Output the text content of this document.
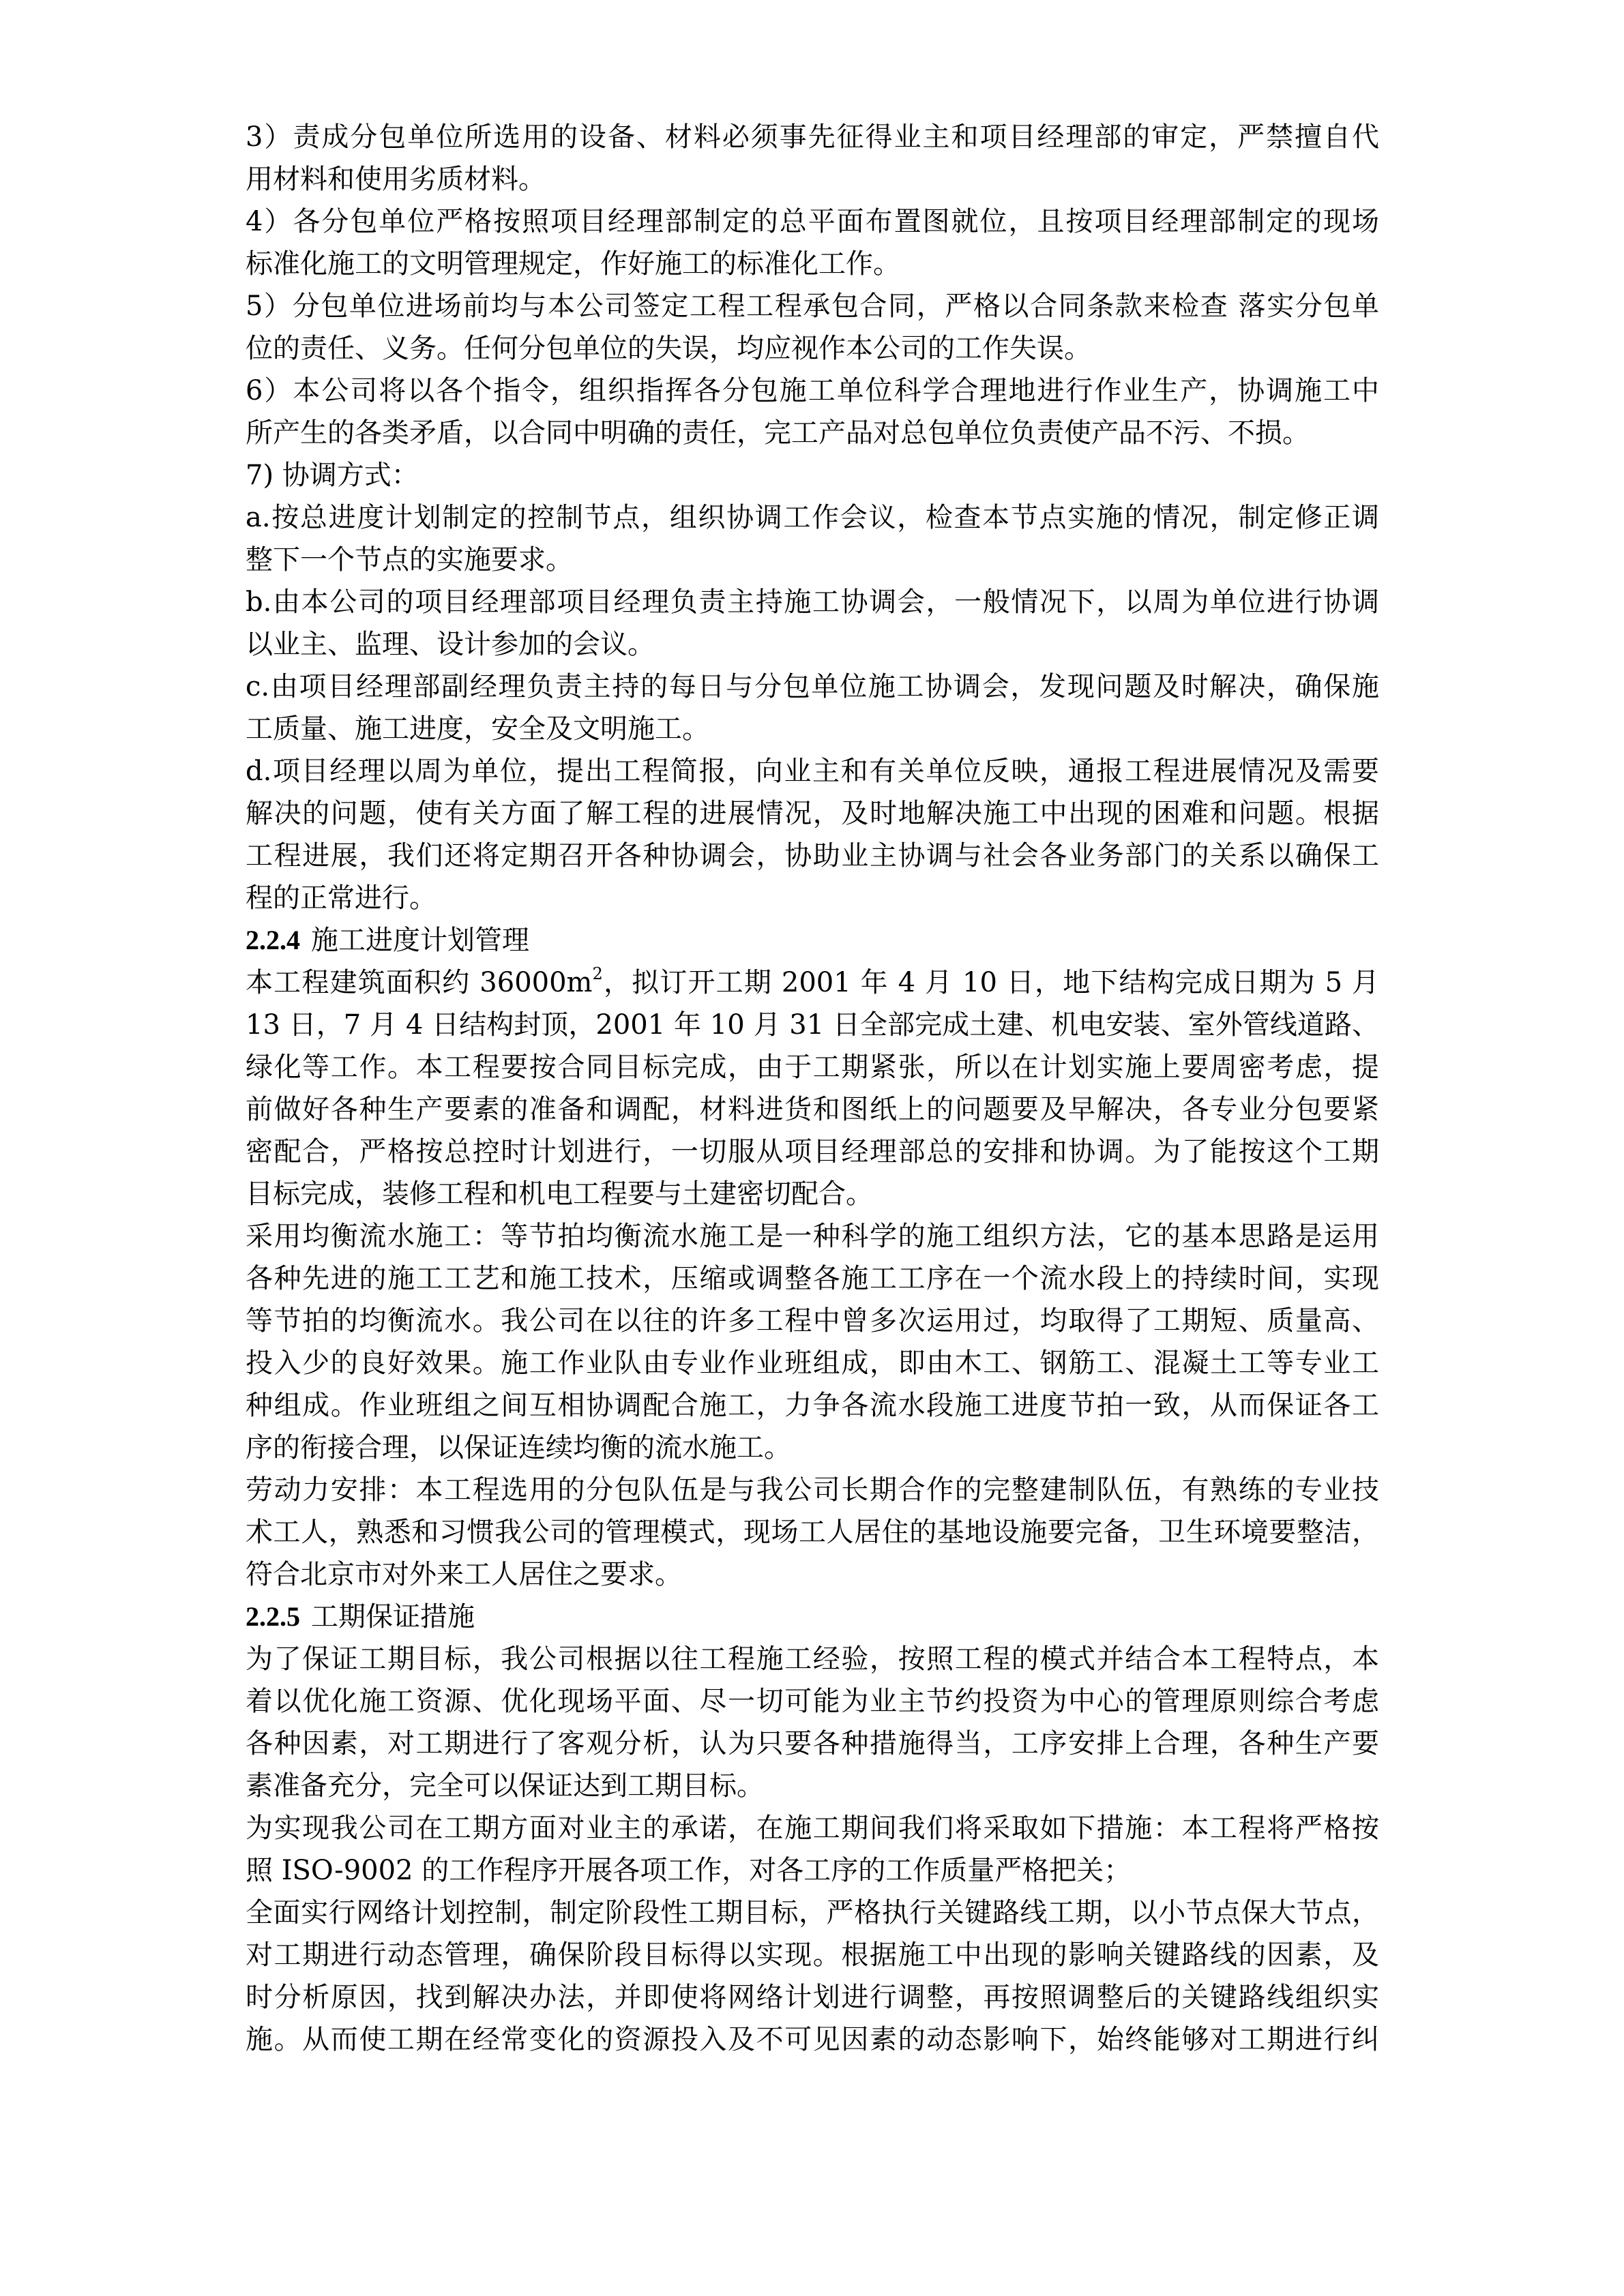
3）责成分包单位所选用的设备、材料必须事先征得业主和项目经理部的审定，严禁擅自代
用材料和使用劣质材料。
4）各分包单位严格按照项目经理部制定的总平面布置图就位，且按项目经理部制定的现场
标准化施工的文明管理规定，作好施工的标准化工作。
5）分包单位进场前均与本公司签定工程工程承包合同，严格以合同条款来检查 落实分包单
位的责任、义务。任何分包单位的失误，均应视作本公司的工作失误。
6）本公司将以各个指令，组织指挥各分包施工单位科学合理地进行作业生产，协调施工中
所产生的各类矛盾，以合同中明确的责任，完工产品对总包单位负责使产品不污、不损。
7) 协调方式：
a.按总进度计划制定的控制节点，组织协调工作会议，检查本节点实施的情况，制定修正调
整下一个节点的实施要求。
b.由本公司的项目经理部项目经理负责主持施工协调会，一般情况下，以周为单位进行协调
以业主、监理、设计参加的会议。
c.由项目经理部副经理负责主持的每日与分包单位施工协调会，发现问题及时解决，确保施
工质量、施工进度，安全及文明施工。
d.项目经理以周为单位，提出工程简报，向业主和有关单位反映，通报工程进展情况及需要
解决的问题，使有关方面了解工程的进展情况，及时地解决施工中出现的困难和问题。根据
工程进展，我们还将定期召开各种协调会，协助业主协调与社会各业务部门的关系以确保工
程的正常进行。
2.2.4 施工进度计划管理
本工程建筑面积约 $36000m^2$，拟订开工期 2001 年 4 月 10 日，地下结构完成日期为 5 月
13 日，7 月 4 日结构封顶，2001 年 10 月 31 日全部完成土建、机电安装、室外管线道路、
绿化等工作。本工程要按合同目标完成，由于工期紧张，所以在计划实施上要周密考虑，提
前做好各种生产要素的准备和调配，材料进货和图纸上的问题要及早解决，各专业分包要紧
密配合，严格按总控时计划进行，一切服从项目经理部总的安排和协调。为了能按这个工期
目标完成，装修工程和机电工程要与土建密切配合。
采用均衡流水施工：等节拍均衡流水施工是一种科学的施工组织方法，它的基本思路是运用
各种先进的施工工艺和施工技术，压缩或调整各施工工序在一个流水段上的持续时间，实现
等节拍的均衡流水。我公司在以往的许多工程中曾多次运用过，均取得了工期短、质量高、
投入少的良好效果。施工作业队由专业作业班组成，即由木工、钢筋工、混凝土工等专业工
种组成。作业班组之间互相协调配合施工，力争各流水段施工进度节拍一致，从而保证各工
序的衔接合理，以保证连续均衡的流水施工。
劳动力安排：本工程选用的分包队伍是与我公司长期合作的完整建制队伍，有熟练的专业技
术工人，熟悉和习惯我公司的管理模式，现场工人居住的基地设施要完备，卫生环境要整洁，
符合北京市对外来工人居住之要求。
2.2.5 工期保证措施
为了保证工期目标，我公司根据以往工程施工经验，按照工程的模式并结合本工程特点，本
着以优化施工资源、优化现场平面、尽一切可能为业主节约投资为中心的管理原则综合考虑
各种因素，对工期进行了客观分析，认为只要各种措施得当，工序安排上合理，各种生产要
素准备充分，完全可以保证达到工期目标。
为实现我公司在工期方面对业主的承诺，在施工期间我们将采取如下措施：本工程将严格按
照 ISO-9002 的工作程序开展各项工作，对各工序的工作质量严格把关；
全面实行网络计划控制，制定阶段性工期目标，严格执行关键路线工期，以小节点保大节点，
对工期进行动态管理，确保阶段目标得以实现。根据施工中出现的影响关键路线的因素，及
时分析原因，找到解决办法，并即使将网络计划进行调整，再按照调整后的关键路线组织实
施。从而使工期在经常变化的资源投入及不可见因素的动态影响下，始终能够对工期进行纠
